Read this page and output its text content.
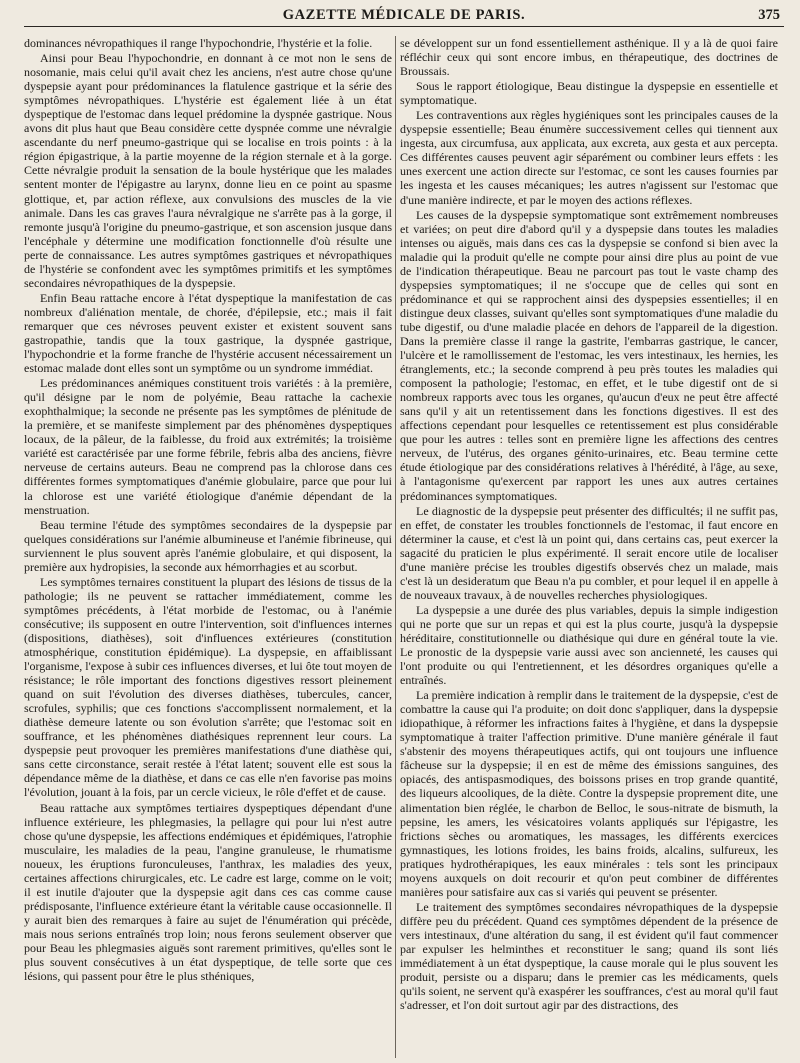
GAZETTE MÉDICALE DE PARIS.	375

dominances névropathiques il range l'hypochondrie, l'hystérie et la folie.

Ainsi pour Beau l'hypochondrie, en donnant à ce mot non le sens de nosomanie, mais celui qu'il avait chez les anciens, n'est autre chose qu'une dyspepsie ayant pour prédominances la flatulence gastrique et la série des symptômes névropathiques. L'hystérie est également liée à un état dyspeptique de l'estomac dans lequel prédomine la dyspnée gastrique. Nous avons dit plus haut que Beau considère cette dyspnée comme une névralgie ascendante du nerf pneumo-gastrique qui se localise en trois points : à la région épigastrique, à la partie moyenne de la région sternale et à la gorge. Cette névralgie produit la sensation de la boule hystérique que les malades sentent monter de l'épigastre au larynx, donne lieu en ce point au spasme glottique, et, par action réflexe, aux convulsions des muscles de la vie animale. Dans les cas graves l'aura névralgique ne s'arrête pas à la gorge, il remonte jusqu'à l'origine du pneumo-gastrique, et son ascension jusque dans l'encéphale y détermine une modification fonctionnelle d'où résulte une perte de connaissance. Les autres symptômes gastriques et névropathiques de l'hystérie se confondent avec les symptômes primitifs et les symptômes secondaires névropathiques de la dyspepsie.

Enfin Beau rattache encore à l'état dyspeptique la manifestation de cas nombreux d'aliénation mentale, de chorée, d'épilepsie, etc.; mais il fait remarquer que ces névroses peuvent exister et existent souvent sans gastropathie, tandis que la toux gastrique, la dyspnée gastrique, l'hypochondrie et la forme franche de l'hystérie accusent nécessairement un estomac malade dont elles sont un symptôme ou un syndrome immédiat.

Les prédominances anémiques constituent trois variétés : à la première, qu'il désigne par le nom de polyémie, Beau rattache la cachexie exophthalmique; la seconde ne présente pas les symptômes de plénitude de la première, et se manifeste simplement par des phénomènes dyspeptiques locaux, de la pâleur, de la faiblesse, du froid aux extrémités; la troisième variété est caractérisée par une forme fébrile, febris alba des anciens, fièvre nerveuse de certains auteurs. Beau ne comprend pas la chlorose dans ces différentes formes symptomatiques d'anémie globulaire, parce que pour lui la chlorose est une variété étiologique d'anémie dépendant de la menstruation.

Beau termine l'étude des symptômes secondaires de la dyspepsie par quelques considérations sur l'anémie albumineuse et l'anémie fibrineuse, qui surviennent le plus souvent après l'anémie globulaire, et qui disposent, la première aux hydropisies, la seconde aux hémorrhagies et au scorbut.

Les symptômes ternaires constituent la plupart des lésions de tissus de la pathologie; ils ne peuvent se rattacher immédiatement, comme les symptômes précédents, à l'état morbide de l'estomac, ou à l'anémie consécutive; ils supposent en outre l'intervention, soit d'influences internes (dispositions, diathèses), soit d'influences extérieures (constitution atmosphérique, constitution épidémique). La dyspepsie, en affaiblissant l'organisme, l'expose à subir ces influences diverses, et lui ôte tout moyen de résistance; le rôle important des fonctions digestives ressort pleinement quand on suit l'évolution des diverses diathèses, tubercules, cancer, scrofules, syphilis; que ces fonctions s'accomplissent normalement, et la diathèse demeure latente ou son évolution s'arrête; que l'estomac soit en souffrance, et les phénomènes diathésiques reprennent leur cours. La dyspepsie peut provoquer les premières manifestations d'une diathèse qui, sans cette circonstance, serait restée à l'état latent; souvent elle est sous la dépendance même de la diathèse, et dans ce cas elle n'en favorise pas moins l'évolution, jouant à la fois, par un cercle vicieux, le rôle d'effet et de cause.

Beau rattache aux symptômes tertiaires dyspeptiques dépendant d'une influence extérieure, les phlegmasies, la pellagre qui pour lui n'est autre chose qu'une dyspepsie, les affections endémiques et épidémiques, l'atrophie musculaire, les maladies de la peau, l'angine granuleuse, le rhumatisme noueux, les éruptions furonculeuses, l'anthrax, les maladies des yeux, certaines affections chirurgicales, etc. Le cadre est large, comme on le voit; il est inutile d'ajouter que la dyspepsie agit dans ces cas comme cause prédisposante, l'influence extérieure étant la véritable cause occasionnelle. Il y aurait bien des remarques à faire au sujet de l'énumération qui précède, mais nous serions entraînés trop loin; nous ferons seulement observer que pour Beau les phlegmasies aiguës sont rarement primitives, qu'elles sont le plus souvent consécutives à un état dyspeptique, de telle sorte que ces lésions, qui passent pour être le plus sthéniques,

se développent sur un fond essentiellement asthénique. Il y a là de quoi faire réfléchir ceux qui sont encore imbus, en thérapeutique, des doctrines de Broussais.

Sous le rapport étiologique, Beau distingue la dyspepsie en essentielle et symptomatique.

Les contraventions aux règles hygiéniques sont les principales causes de la dyspepsie essentielle; Beau énumère successivement celles qui tiennent aux ingesta, aux circumfusa, aux applicata, aux excreta, aux gesta et aux percepta. Ces différentes causes peuvent agir séparément ou combiner leurs effets : les unes exercent une action directe sur l'estomac, ce sont les causes fournies par les ingesta et les causes mécaniques; les autres n'agissent sur l'estomac que d'une manière indirecte, et par le moyen des actions réflexes.

Les causes de la dyspepsie symptomatique sont extrêmement nombreuses et variées; on peut dire d'abord qu'il y a dyspepsie dans toutes les maladies intenses ou aiguës, mais dans ces cas la dyspepsie se confond si bien avec la maladie qui la produit qu'elle ne compte pour ainsi dire plus au point de vue de l'indication thérapeutique. Beau ne parcourt pas tout le vaste champ des dyspepsies symptomatiques; il ne s'occupe que de celles qui sont en prédominance et qui se rapprochent ainsi des dyspepsies essentielles; il en distingue deux classes, suivant qu'elles sont symptomatiques d'une maladie du tube digestif, ou d'une maladie placée en dehors de l'appareil de la digestion. Dans la première classe il range la gastrite, l'embarras gastrique, le cancer, l'ulcère et le ramollissement de l'estomac, les vers intestinaux, les hernies, les étranglements, etc.; la seconde comprend à peu près toutes les maladies qui composent la pathologie; l'estomac, en effet, et le tube digestif ont de si nombreux rapports avec tous les organes, qu'aucun d'eux ne peut être affecté sans qu'il y ait un retentissement dans les fonctions digestives. Il est des affections cependant pour lesquelles ce retentissement est plus considérable que pour les autres : telles sont en première ligne les affections des centres nerveux, de l'utérus, des organes génito-urinaires, etc. Beau termine cette étude étiologique par des considérations relatives à l'hérédité, à l'âge, au sexe, à l'antagonisme qu'exercent par rapport les unes aux autres certaines prédominances symptomatiques.

Le diagnostic de la dyspepsie peut présenter des difficultés; il ne suffit pas, en effet, de constater les troubles fonctionnels de l'estomac, il faut encore en déterminer la cause, et c'est là un point qui, dans certains cas, peut exercer la sagacité du praticien le plus expérimenté. Il serait encore utile de localiser d'une manière précise les troubles digestifs observés chez un malade, mais c'est là un desideratum que Beau n'a pu combler, et pour lequel il en appelle à de nouveaux travaux, à de nouvelles recherches physiologiques.

La dyspepsie a une durée des plus variables, depuis la simple indigestion qui ne porte que sur un repas et qui est la plus courte, jusqu'à la dyspepsie héréditaire, constitutionnelle ou diathésique qui dure en général toute la vie. Le pronostic de la dyspepsie varie aussi avec son ancienneté, les causes qui l'ont produite ou qui l'entretiennent, et les désordres organiques qu'elle a entraînés.

La première indication à remplir dans le traitement de la dyspepsie, c'est de combattre la cause qui l'a produite; on doit donc s'appliquer, dans la dyspepsie idiopathique, à réformer les infractions faites à l'hygiène, et dans la dyspepsie symptomatique à traiter l'affection primitive. D'une manière générale il faut s'abstenir des moyens thérapeutiques actifs, qui ont toujours une influence fâcheuse sur la dyspepsie; il en est de même des émissions sanguines, des opiacés, des antispasmodiques, des boissons prises en trop grande quantité, des liqueurs alcooliques, de la diète. Contre la dyspepsie proprement dite, une alimentation bien réglée, le charbon de Belloc, le sous-nitrate de bismuth, la pepsine, les amers, les vésicatoires volants appliqués sur l'épigastre, les frictions sèches ou aromatiques, les massages, les différents exercices gymnastiques, les lotions froides, les bains froids, alcalins, sulfureux, les pratiques hydrothérapiques, les eaux minérales : tels sont les principaux moyens auxquels on doit recourir et qu'on peut combiner de différentes manières pour satisfaire aux cas si variés qui peuvent se présenter.

Le traitement des symptômes secondaires névropathiques de la dyspepsie diffère peu du précédent. Quand ces symptômes dépendent de la présence de vers intestinaux, d'une altération du sang, il est évident qu'il faut commencer par expulser les helminthes et reconstituer le sang; quand ils sont liés immédiatement à un état dyspeptique, la cause morale qui le plus souvent les produit, persiste ou a disparu; dans le premier cas les médicaments, quels qu'ils soient, ne servent qu'à exaspérer les souffrances, c'est au moral qu'il faut s'adresser, et l'on doit surtout agir par des distractions, des
